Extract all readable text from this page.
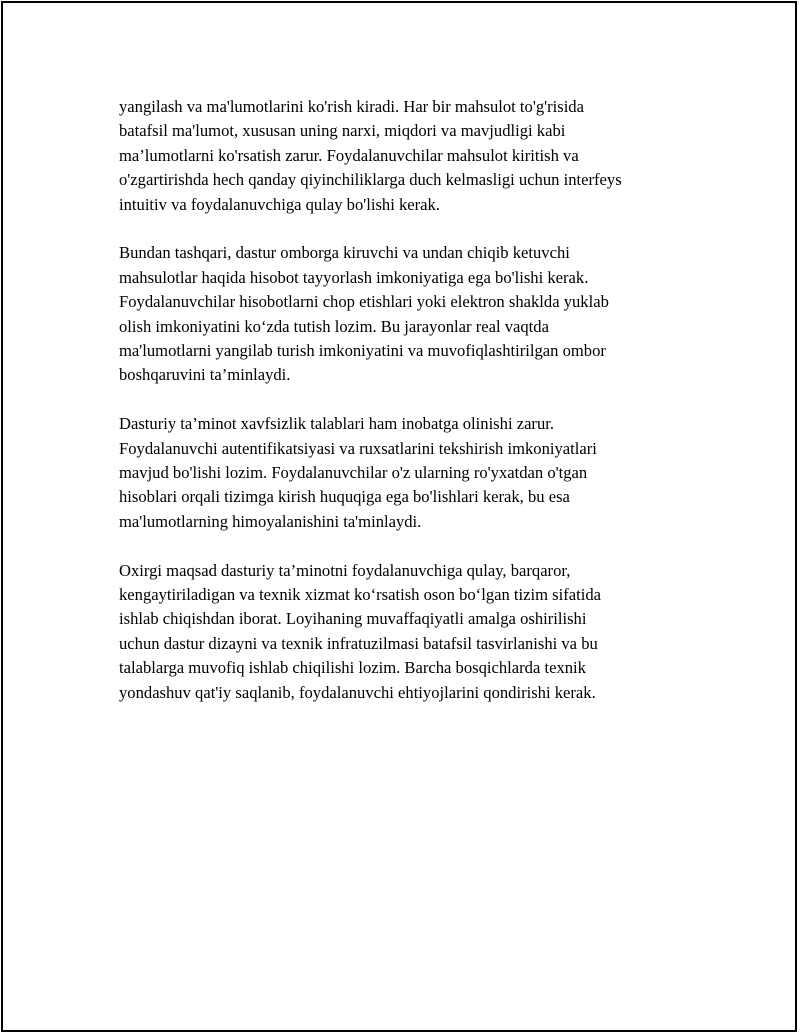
yangilash va ma'lumotlarini ko'rish kiradi. Har bir mahsulot to'g'risida
batafsil ma'lumot, xususan uning narxi, miqdori va mavjudligi kabi
ma’lumotlarni ko'rsatish zarur. Foydalanuvchilar mahsulot kiritish va
o'zgartirishda hech qanday qiyinchiliklarga duch kelmasligi uchun interfeys
intuitiv va foydalanuvchiga qulay bo'lishi kerak.

Bundan tashqari, dastur omborga kiruvchi va undan chiqib ketuvchi
mahsulotlar haqida hisobot tayyorlash imkoniyatiga ega bo'lishi kerak.
Foydalanuvchilar hisobotlarni chop etishlari yoki elektron shaklda yuklab
olish imkoniyatini ko‘zda tutish lozim. Bu jarayonlar real vaqtda
ma'lumotlarni yangilab turish imkoniyatini va muvofiqlashtirilgan ombor
boshqaruvini ta’minlaydi.

Dasturiy ta’minot xavfsizlik talablari ham inobatga olinishi zarur.
Foydalanuvchi autentifikatsiyasi va ruxsatlarini tekshirish imkoniyatlari
mavjud bo'lishi lozim. Foydalanuvchilar o'z ularning ro'yxatdan o'tgan
hisoblari orqali tizimga kirish huquqiga ega bo'lishlari kerak, bu esa
ma'lumotlarning himoyalanishini ta'minlaydi.

Oxirgi maqsad dasturiy ta’minotni foydalanuvchiga qulay, barqaror,
kengaytiriladigan va texnik xizmat ko‘rsatish oson bo‘lgan tizim sifatida
ishlab chiqishdan iborat. Loyihaning muvaffaqiyatli amalga oshirilishi
uchun dastur dizayni va texnik infratuzilmasi batafsil tasvirlanishi va bu
talablarga muvofiq ishlab chiqilishi lozim. Barcha bosqichlarda texnik
yondashuv qat'iy saqlanib, foydalanuvchi ehtiyojlarini qondirishi kerak.
